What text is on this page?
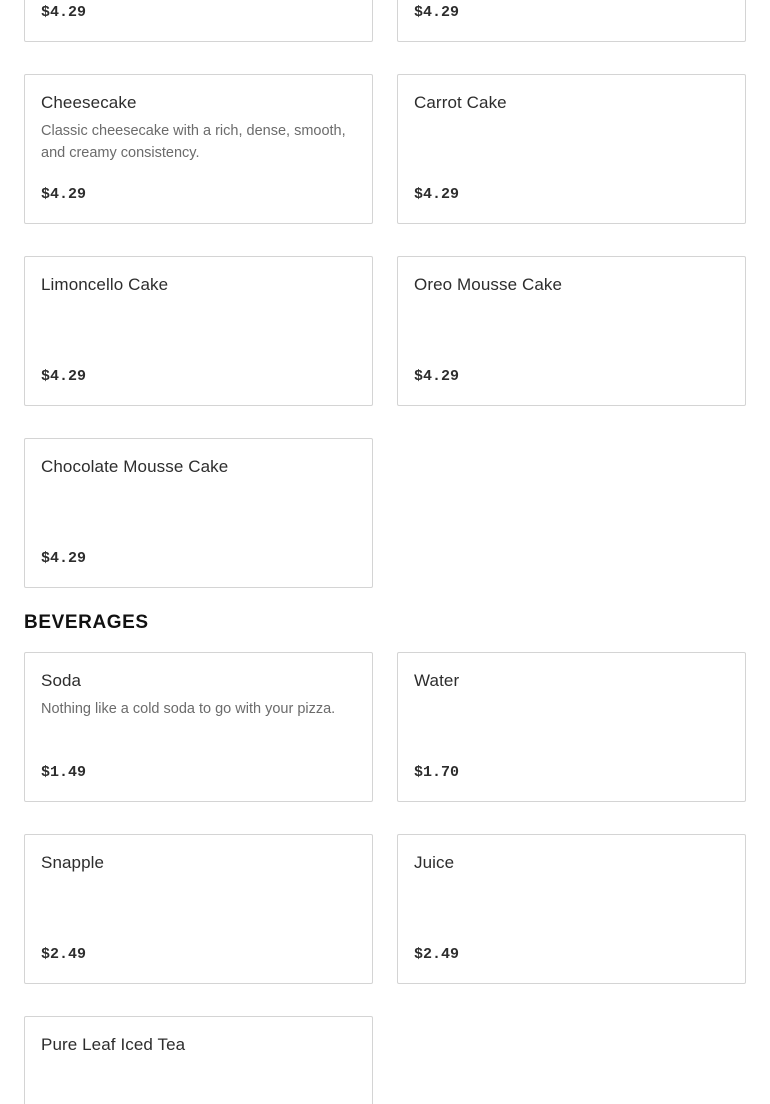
$4.29	$4.29
Cheesecake
Classic cheesecake with a rich, dense, smooth, and creamy consistency.
$4.29
Carrot Cake
$4.29
Limoncello Cake
$4.29
Oreo Mousse Cake
$4.29
Chocolate Mousse Cake
$4.29
BEVERAGES
Soda
Nothing like a cold soda to go with your pizza.
$1.49
Water
$1.70
Snapple
$2.49
Juice
$2.49
Pure Leaf Iced Tea
